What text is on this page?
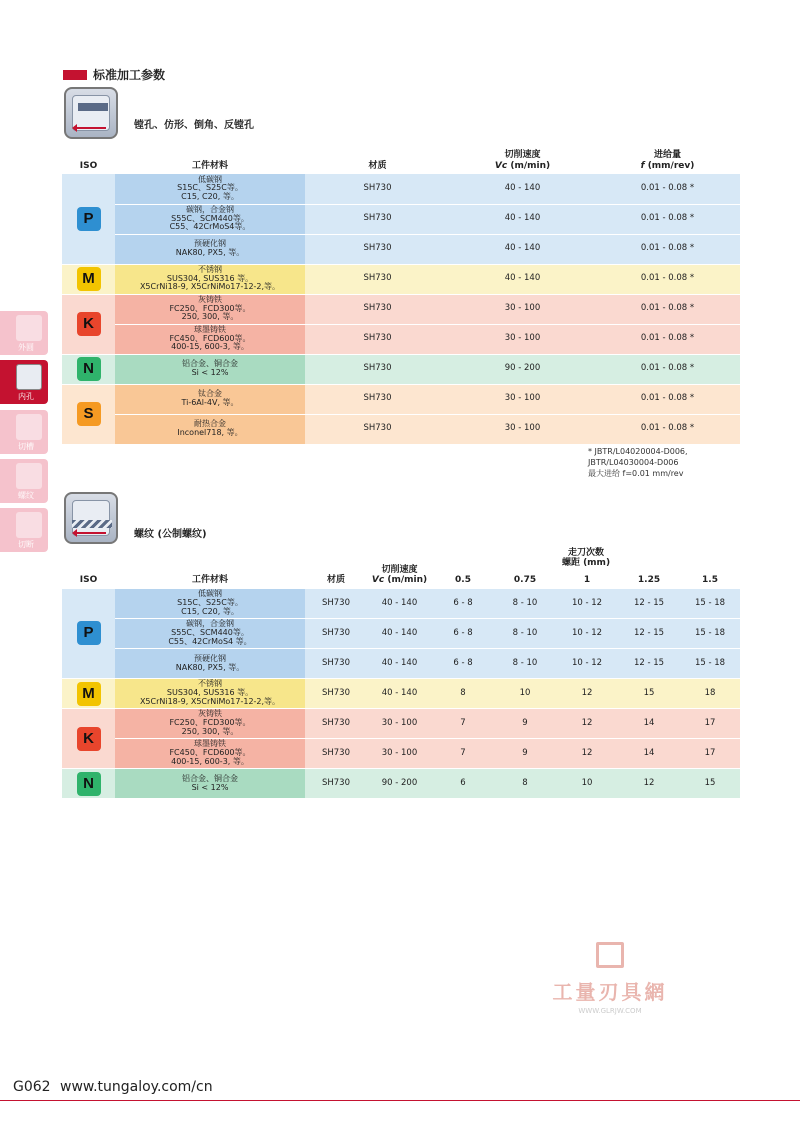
标准加工参数
镗孔、仿形、倒角、反镗孔
ISO	工件材料	材质	切削速度
Vc (m/min)	进给量
f (mm/rev)
P	低碳钢
S15C、S25C等。
C15, C20, 等。	SH730	40 - 140	0.01 - 0.08 *
	碳钢，合金钢
S55C、SCM440等。
C55、42CrMoS4等。	SH730	40 - 140	0.01 - 0.08 *
	预硬化钢
NAK80, PX5, 等。	SH730	40 - 140	0.01 - 0.08 *
M	不锈钢
SUS304, SUS316 等。
X5CrNi18-9, X5CrNiMo17-12-2,等。	SH730	40 - 140	0.01 - 0.08 *
K	灰铸铁
FC250、FCD300等。
250, 300, 等。	SH730	30 - 100	0.01 - 0.08 *
	球墨铸铁
FC450、FCD600等。
400-15, 600-3, 等。	SH730	30 - 100	0.01 - 0.08 *
N	铝合金、铜合金
Si < 12%	SH730	90 - 200	0.01 - 0.08 *
S	钛合金
Ti-6Al-4V, 等。	SH730	30 - 100	0.01 - 0.08 *
	耐热合金
Inconel718, 等。	SH730	30 - 100	0.01 - 0.08 *
* JBTR/L04020004-D006,
JBTR/L04030004-D006
最大进给 f=0.01 mm/rev
螺纹 (公制螺纹)
ISO	工件材料	材质	切削速度
Vc (m/min)	走刀次数
螺距 (mm)				
				0.5	0.75	1	1.25	1.5
P	低碳钢
S15C、S25C等。
C15, C20, 等。	SH730	40 - 140	6 - 8	8 - 10	10 - 12	12 - 15	15 - 18
	碳钢，合金钢
S55C、SCM440等。
C55、42CrMoS4 等。	SH730	40 - 140	6 - 8	8 - 10	10 - 12	12 - 15	15 - 18
	预硬化钢
NAK80, PX5, 等。	SH730	40 - 140	6 - 8	8 - 10	10 - 12	12 - 15	15 - 18
M	不锈钢
SUS304, SUS316 等。
X5CrNi18-9, X5CrNiMo17-12-2,等。	SH730	40 - 140	8	10	12	15	18
K	灰铸铁
FC250、FCD300等。
250, 300, 等。	SH730	30 - 100	7	9	12	14	17
	球墨铸铁
FC450、FCD600等。
400-15, 600-3, 等。	SH730	30 - 100	7	9	12	14	17
N	铝合金、铜合金
Si < 12%	SH730	90 - 200	6	8	10	12	15
外圆
内孔
切槽
螺纹
切断
工量刃具網
WWW.GLRJW.COM
G062 www.tungaloy.com/cn
